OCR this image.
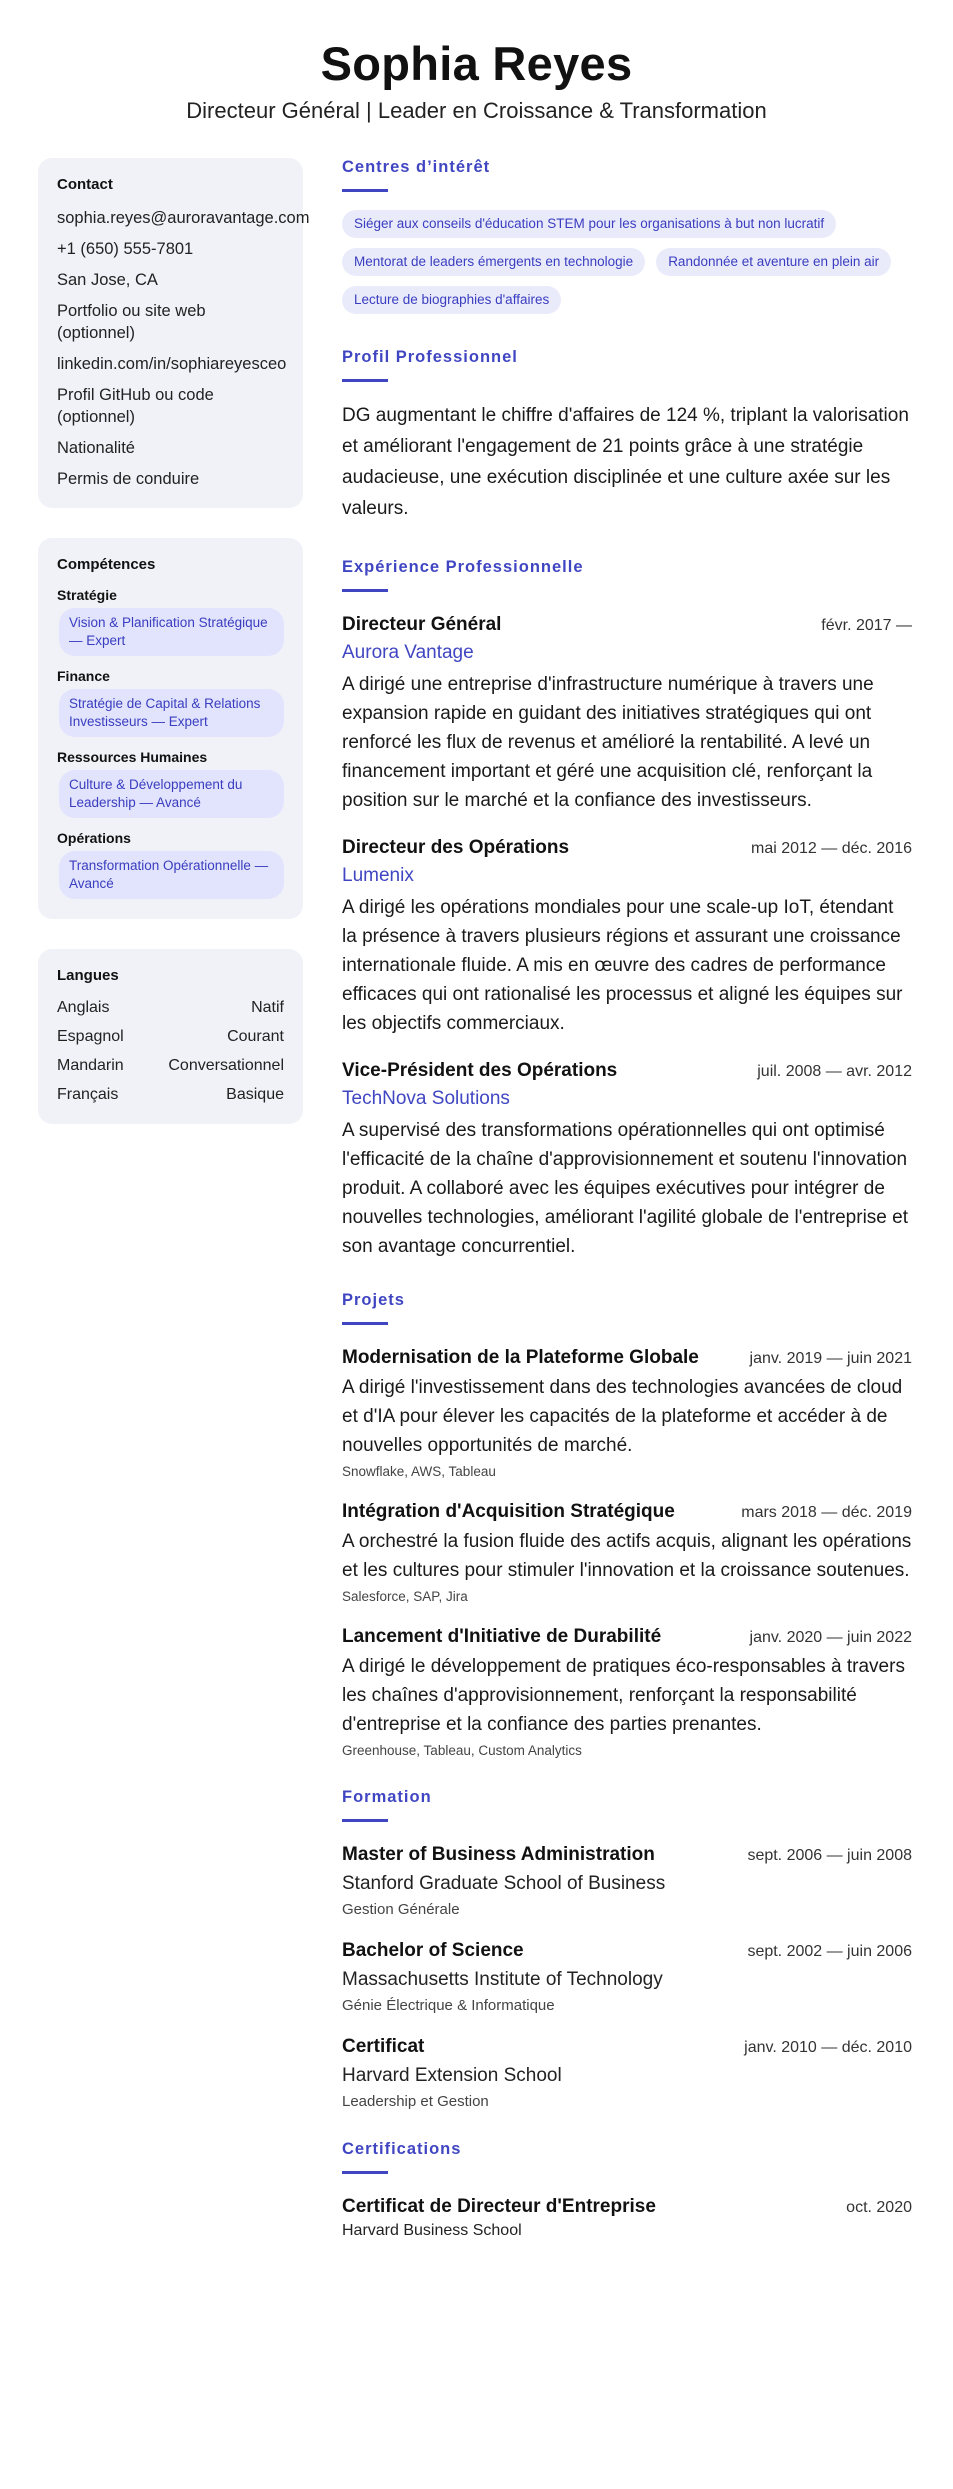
Sophia Reyes
Directeur Général | Leader en Croissance & Transformation
Contact
sophia.reyes@auroravantage.com
+1 (650) 555-7801
San Jose, CA
Portfolio ou site web (optionnel)
linkedin.com/in/sophiareyesceo
Profil GitHub ou code (optionnel)
Nationalité
Permis de conduire
Compétences
Stratégie
Vision & Planification Stratégique — Expert
Finance
Stratégie de Capital & Relations Investisseurs — Expert
Ressources Humaines
Culture & Développement du Leadership — Avancé
Opérations
Transformation Opérationnelle — Avancé
Langues
Anglais	Natif
Espagnol	Courant
Mandarin	Conversationnel
Français	Basique
Centres d’intérêt
Siéger aux conseils d'éducation STEM pour les organisations à but non lucratif
Mentorat de leaders émergents en technologie	Randonnée et aventure en plein air
Lecture de biographies d'affaires
Profil Professionnel

DG augmentant le chiffre d'affaires de 124 %, triplant la valorisation et améliorant l'engagement de 21 points grâce à une stratégie audacieuse, une exécution disciplinée et une culture axée sur les valeurs.

Expérience Professionnelle
Directeur Général	févr. 2017 —
Aurora Vantage
A dirigé une entreprise d'infrastructure numérique à travers une expansion rapide en guidant des initiatives stratégiques qui ont renforcé les flux de revenus et amélioré la rentabilité. A levé un financement important et géré une acquisition clé, renforçant la position sur le marché et la confiance des investisseurs.
Directeur des Opérations	mai 2012 — déc. 2016
Lumenix
A dirigé les opérations mondiales pour une scale-up IoT, étendant la présence à travers plusieurs régions et assurant une croissance internationale fluide. A mis en œuvre des cadres de performance efficaces qui ont rationalisé les processus et aligné les équipes sur les objectifs commerciaux.
Vice-Président des Opérations	juil. 2008 — avr. 2012
TechNova Solutions
A supervisé des transformations opérationnelles qui ont optimisé l'efficacité de la chaîne d'approvisionnement et soutenu l'innovation produit. A collaboré avec les équipes exécutives pour intégrer de nouvelles technologies, améliorant l'agilité globale de l'entreprise et son avantage concurrentiel.
Projets
Modernisation de la Plateforme Globale	janv. 2019 — juin 2021
A dirigé l'investissement dans des technologies avancées de cloud et d'IA pour élever les capacités de la plateforme et accéder à de nouvelles opportunités de marché.
Snowflake, AWS, Tableau
Intégration d'Acquisition Stratégique	mars 2018 — déc. 2019
A orchestré la fusion fluide des actifs acquis, alignant les opérations et les cultures pour stimuler l'innovation et la croissance soutenues.
Salesforce, SAP, Jira
Lancement d'Initiative de Durabilité	janv. 2020 — juin 2022
A dirigé le développement de pratiques éco-responsables à travers les chaînes d'approvisionnement, renforçant la responsabilité d'entreprise et la confiance des parties prenantes.
Greenhouse, Tableau, Custom Analytics
Formation
Master of Business Administration	sept. 2006 — juin 2008
Stanford Graduate School of Business
Gestion Générale
Bachelor of Science	sept. 2002 — juin 2006
Massachusetts Institute of Technology
Génie Électrique & Informatique
Certificat	janv. 2010 — déc. 2010
Harvard Extension School
Leadership et Gestion
Certifications
Certificat de Directeur d'Entreprise	oct. 2020
Harvard Business School
